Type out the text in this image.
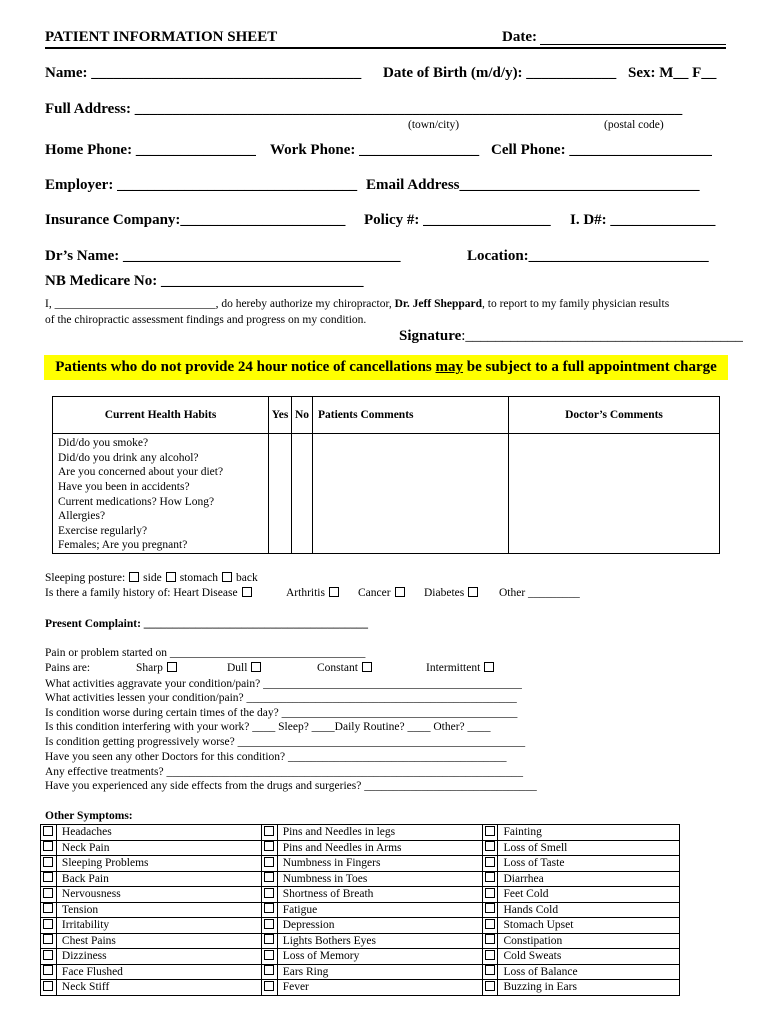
PATIENT INFORMATION SHEET	Date:
Name: ____________________________________ Date of Birth (m/d/y): ____________ Sex: M__ F__
Full Address: _________________________________________________________________________
(town/city)	(postal code)
Home Phone: ________________ Work Phone: ________________ Cell Phone: ___________________
Employer: ________________________________ Email Address________________________________
Insurance Company:______________________ Policy #: _________________ I. D#: ______________
Dr’s Name: _____________________________________	Location:________________________
NB Medicare No: ___________________________
I, ____________________________, do hereby authorize my chiropractor, Dr. Jeff Sheppard, to report to my family physician results
of the chiropractic assessment findings and progress on my condition.
Signature:_____________________________________
Patients who do not provide 24 hour notice of cancellations may be subject to a full appointment charge
Current Health Habits	Yes	No	Patients Comments	Doctor’s Comments
Did/do you smoke?				
Did/do you drink any alcohol?				
Are you concerned about your diet?				
Have you been in accidents?				
Current medications? How Long?				
Allergies?				
Exercise regularly?				
Females; Are you pregnant?				
Sleeping posture: side stomach back
Is there a family history of: Heart Disease	Arthritis	Cancer	Diabetes	Other _________
Present Complaint: _______________________________________
Pain or problem started on __________________________________
Pains are:	Sharp	Dull	Constant	Intermittent
What activities aggravate your condition/pain? _____________________________________________
What activities lessen your condition/pain? _______________________________________________
Is condition worse during certain times of the day? _________________________________________
Is this condition interfering with your work? ____ Sleep? ____Daily Routine? ____ Other? ____
Is condition getting progressively worse? __________________________________________________
Have you seen any other Doctors for this condition? ______________________________________
Any effective treatments? ______________________________________________________________
Have you experienced any side effects from the drugs and surgeries? ______________________________
Other Symptoms:
	Headaches		Pins and Needles in legs		Fainting
	Neck Pain		Pins and Needles in Arms		Loss of Smell
	Sleeping Problems		Numbness in Fingers		Loss of Taste
	Back Pain		Numbness in Toes		Diarrhea
	Nervousness		Shortness of Breath		Feet Cold
	Tension		Fatigue		Hands Cold
	Irritability		Depression		Stomach Upset
	Chest Pains		Lights Bothers Eyes		Constipation
	Dizziness		Loss of Memory		Cold Sweats
	Face Flushed		Ears Ring		Loss of Balance
	Neck Stiff		Fever		Buzzing in Ears
